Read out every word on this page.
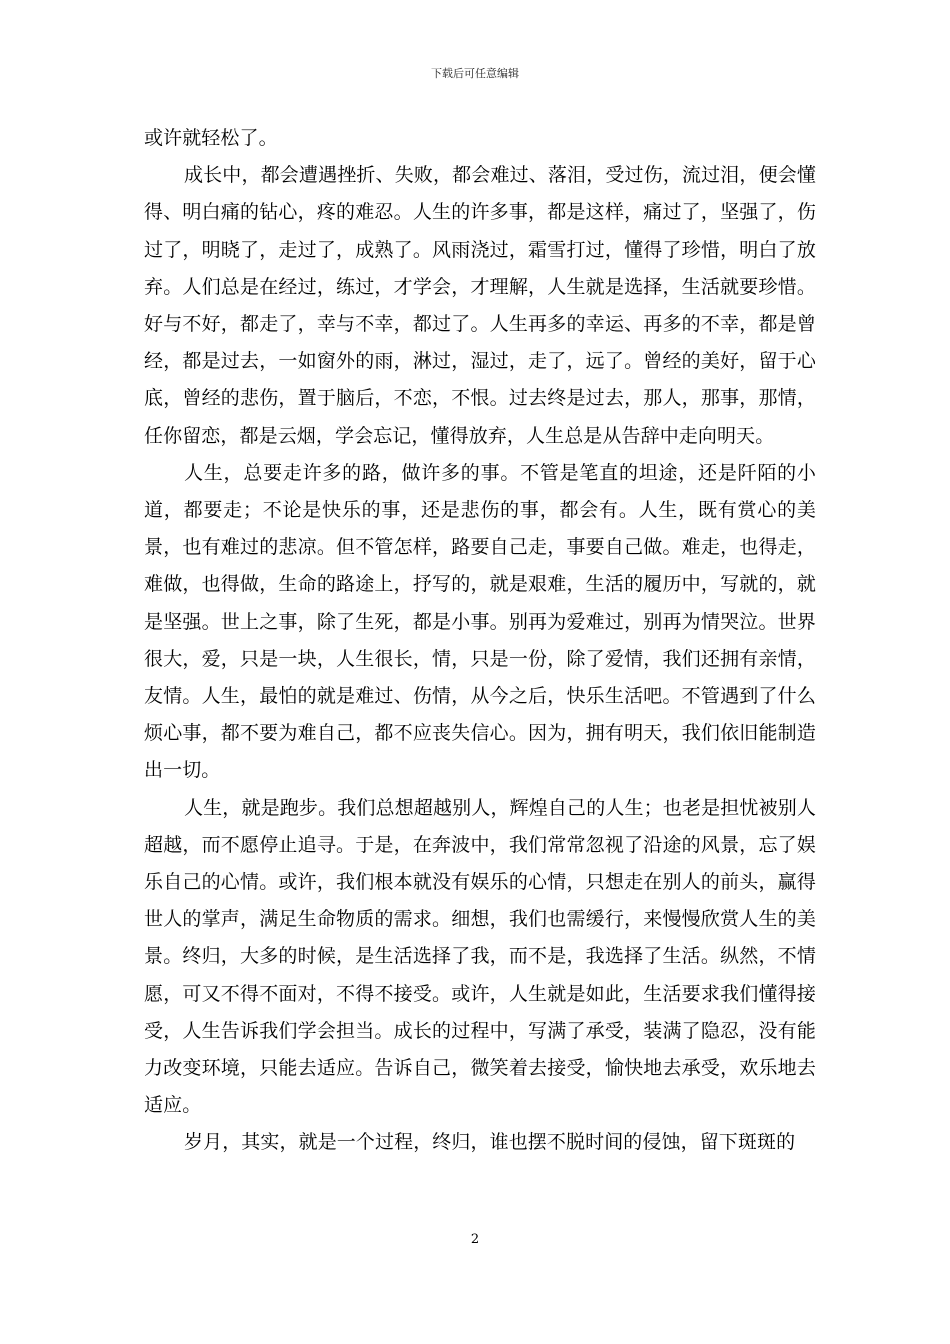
下载后可任意编辑

或许就轻松了。

成长中，都会遭遇挫折、失败，都会难过、落泪，受过伤，流过泪，便会懂得、明白痛的钻心，疼的难忍。人生的许多事，都是这样，痛过了，坚强了，伤过了，明晓了，走过了，成熟了。风雨浇过，霜雪打过，懂得了珍惜，明白了放弃。人们总是在经过，练过，才学会，才理解，人生就是选择，生活就要珍惜。好与不好，都走了，幸与不幸，都过了。人生再多的幸运、再多的不幸，都是曾经，都是过去，一如窗外的雨，淋过，湿过，走了，远了。曾经的美好，留于心底，曾经的悲伤，置于脑后，不恋，不恨。过去终是过去，那人，那事，那情，任你留恋，都是云烟，学会忘记，懂得放弃，人生总是从告辞中走向明天。

人生，总要走许多的路，做许多的事。不管是笔直的坦途，还是阡陌的小道，都要走；不论是快乐的事，还是悲伤的事，都会有。人生，既有赏心的美景，也有难过的悲凉。但不管怎样，路要自己走，事要自己做。难走，也得走，难做，也得做，生命的路途上，抒写的，就是艰难，生活的履历中，写就的，就是坚强。世上之事，除了生死，都是小事。别再为爱难过，别再为情哭泣。世界很大，爱，只是一块，人生很长，情，只是一份，除了爱情，我们还拥有亲情，友情。人生，最怕的就是难过、伤情，从今之后，快乐生活吧。不管遇到了什么烦心事，都不要为难自己，都不应丧失信心。因为，拥有明天，我们依旧能制造出一切。

人生，就是跑步。我们总想超越别人，辉煌自己的人生；也老是担忧被别人超越，而不愿停止追寻。于是，在奔波中，我们常常忽视了沿途的风景，忘了娱乐自己的心情。或许，我们根本就没有娱乐的心情，只想走在别人的前头，赢得世人的掌声，满足生命物质的需求。细想，我们也需缓行，来慢慢欣赏人生的美景。终归，大多的时候，是生活选择了我，而不是，我选择了生活。纵然，不情愿，可又不得不面对，不得不接受。或许，人生就是如此，生活要求我们懂得接受，人生告诉我们学会担当。成长的过程中，写满了承受，装满了隐忍，没有能力改变环境，只能去适应。告诉自己，微笑着去接受，愉快地去承受，欢乐地去适应。

岁月，其实，就是一个过程，终归，谁也摆不脱时间的侵蚀，留下斑斑的

2
